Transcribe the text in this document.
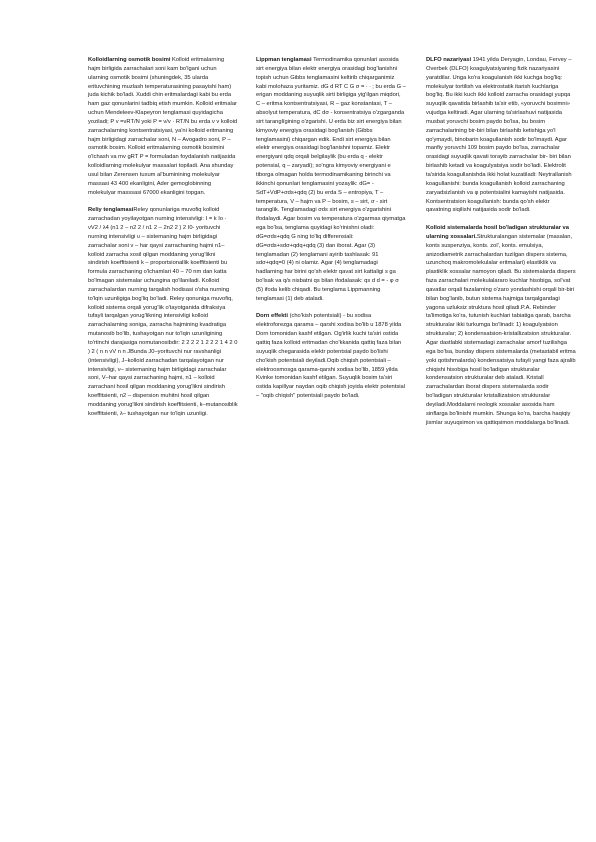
Kolloidlarning osmotik bosimi Kolloid eritmalarning hajm birligida zarrachalari soni kam bo'lgani uchun ularning osmotik bosimi (shuningdek, 35 ularda erituvchining muzlash temperaturasining pasayishi ham) juda kichik bo'ladi. Xuddi chin eritmalardagi kabi bu erda ham gaz qonunlarini tadbiq etish mumkin. Kolloid eritmalar uchun Mendeleev-Klapeyron tenglamasi quyidagicha yoziladi; P v =νRT/N yoki P = ν/v · RT/N bu erda ν v kolloid zarrachalarning kontsentratsiyasi, ya'ni kolloid eritmaning hajm birligidagi zarrachalar soni, N – Avogadro soni, P – osmotik bosim. Kolloid eritmalarning osmotik bosimini o'lchash va mv gRT P = formuladan foydalanish natijasida kolloidlarning molekulyar massalari topiladi. Ana shunday usul bilan Zerensen tuxum al'buminining molekulyar massasi 43 400 ekanligini, Ader gemoglobinning molekulyar masssasi 67000 ekanligini topgan.

Reliy tenglamasiReley qonunlariga muvofiq kolloid zarrachadan yoyilayotgan nurning intensivligi: I = k Io · νV2 / λ4 (n1 2 – n2 2 / n1 2 – 2n2 2 ) 2 I0- yorituvchi nurning intensivligi υ – sistemaning hajm birligidagi zarrachalar soni ν – har qaysi zarrachaning hajmi n1–kolloid zarracha xosil qilgan moddaning yorug'likni sindirish koeffitsienti k – proportsionallik koeffitsienti bu formula zarrachaning o'lchamlari 40 – 70 nm dan katta bo'lmagan sistemalar uchungina qo'llaniladi. Kolloid zarrachalardan nurning tarqalish hodisasi o'sha nurning to'lqin uzunligiga bog'liq bo'ladi. Reley qonuniga muvofiq, kolloid sistema orqali yorug'lik o'tayotganida difraksiya tufayli tarqalgan yorug'likning intensivligi kolloid zarrachalarning soniga, zarracha hajmining kvadratiga mutanosib bo'lib, tushayotgan nur to'lqin uzunligining to'rtinchi darajasiga nomutanosibdir: 2 2 2 2 1 2 2 2 1 4 2 0 ) 2 ( n n νV n n JBunda J0–yorituvchi nur ravshanligi (intensivligi), J–kolloid zarrachadan tarqalayotgan nur intensivligi, ν– sistemaning hajm birligidagi zarrachalar soni, V–har qaysi zarrachaning hajmi, n1 – kolloid zarrachani hosil qilgan moddaning yorug'likni sindirish koeffitsienti, n2 – dispersion muhitni hosil qilgan moddaning yorug'likni sindirish koeffitsienti, k–mutanosiblik koeffitsienti, λ– tushayotgan nur to'lqin uzunligi.

Lippman tenglamasi Termodinamika qonunlari asosida sirt energiya bilan elektr energiya orasidagi bog'lanishni topish uchun Gibbs tenglamasini keltirib chiqarganimiz kabi molohaza yuritamiz. dG d RT C G σ = ∙ ∙ ; bu erda G – erigan moddaning suyuqlik sirti birligiga yig'ilgan miqdori, C – eritma kontsentratsiyasi, R – gaz konstantasi, T – absolyut temperatura, dC dσ - konsentratsiya o'zgarganda sirt taranglígining o'zgarishi. U erda biz sirt energiya bilan kimyoviy energiya orasidagi bog'lanish (Gibbs tenglamasini) chiqargan edik. Endi sirt energiya bilan elektr energiya orasidagi bog'lanishni topamiz. Elektr energiyani qdq orqali belgilaylik (bu erda q - elektr potensial, q – zaryadi); so'ngra kimyoviy energiyani e tiborga olmagan holda termodinamikaning birinchi va ikkinchi qonunlari tenglamasini yozaylik: dG= -SdT+VdP+σds+qdq (2) bu erda S – entropiya, T – temperatura, V – hajm va P – bosim, s – sirt, σ - sirt taranglik. Tenglamadagi σds sirt energiya o'zgarishini ifodalaydi. Agar bosim va temperatura o'zgarmas qiymatga ega bo'lsa, tenglama quyidagi ko'rinishni oladi: dG=σds+qdq G ning to'liq differensiali: dG=σds+sdσ+qdq+qdq (3) dan iborat. Agar (3) tenglamadan (2) tenglamani ayirib tashlasak: 91 sdσ+qdq=0 (4) ni olamiz. Agar (4) tenglamadagi hadlarning har birini qo'sh elektr qavat sirt kattaligi s ga bo'lsak va q/s nisbatni qs bilan ifodalasak: qs d d = - φ σ (5) ifoda kelib chiqadi. Bu tenglama Lippmanning tenglamasi (1) deb ataladi.

Dorn effekti (cho'kish potentsiali) - bu xodisa elektroforezga qarama – qarshi xodisa bo'lib u 1878 yilda Dorn tomonidan kashf etilgan. Og'irlik kuchi ta'siri ostida qattiq faza kolloid eritmadan cho'kkanida qattiq faza bilan suyuqlik chegarasida elektr potentsial paydo bo'lishi cho'kish potentsiali deyiladi.Oqib chiqish potentsiali – elektroosmosga qarama-qarshi xodisa bo'lib, 1859 yilda Kvinke tomonidan kashf etilgan. Suyuqlik bosim ta'siri ostida kapillyar naydan oqib chiqish joyida elektr potentsial – "oqib chiqish" potentsiali paydo bo'ladi.

DLFO nazariyasi 1941 yilda Deryagin, Londau, Fervey – Overbek (DLFO) koagulyatsiyaning fizik nazariyasini yaratdilar. Unga ko'ra koagulanish ikki kuchga bog'liq: molekulyar tortilish va elektrostatik itarish kuchlariga bog'liq. Bu ikki kuch ikki kolloid zarracha orasidagi yupqa suyuqlik qavatida birlashib ta'sir etib, «yoruvchi bosimni» vujudga keltiradi. Agar ularning ta'sirlashuvi natijasida musbat yoruvchi bosim paydo bo'lsa, bu bosim zarrachalarining bir-biri bilan birlashib ketishiga yo'l qo'ymaydi, binobarin koagullanish sodir bo'lmaydi. Agar manfiy yoruvchi 109 bosim paydo bo'lsa, zarrachalar orasidagi suyuqlik qavati torayib zarrachalar bir- biri bilan birlashib ketadi va koagulyatsiya sodir bo'ladi. Elektrolit ta'sirida koagullanishda ikki holat kuzatiladi: Neytrallanish koagullanishi: bunda koagullanish kolloid zarrachaning zaryadsizlanish va φ potentsialini kamayishi natijasida. Kontsentratsion koagullanish: bunda qo'sh elektr qavatning siqilishi natijasida sodir bo'ladi.

Kolloid sistemalarda hosil bo'ladigan strukturalar va ularning xossalari.Strukturalangan sistemalar (masalan, konts suspenziya, konts. zol', konts. emulsiya, anizodiametrik zarrachalardan tuzilgan dispers sistema, uzunchoq makromolekulalar eritmalari) elastiklik va plastiklik xossalar namoyon qiladi. Bu sistemalarda dispers faza zarrachalari molekulalararo kuchlar hisobiga, sol'vat qavatlar orqali fazalarning o'zaro yondashishi orqali bir-biri bilan bog'lanib, butun sistema hajmiga tarqalgandagi yagona uzluksiz struktura hosil qiladi.P.A. Rebinder ta'limotiga ko'ra, tutunish kuchlari tabiatiga qarab, barcha strukturalar ikki turkumga bo'linadi: 1) koagulyatsion strukturalar; 2) kondensatsion-kristallizatsion strukturalar. Agar dastlabki sistemadagi zarrachalar amorf tuzilishga ega bo'lsa, bunday dispers sistemalarda (metastabil eritma yoki qotishmalarda) kondensatsiya tufayli yangi faza ajralib chiqishi hisobiga hosil bo'ladigan strukturalar kondensatsion strukturalar deb ataladi. Kristall zarrachalardan iborat dispers sistemalarda sodir bo'ladigan strukturalar kristallizatsion strukturalar deyiladi.Moddalarni reologik xossalar asosida ham sinflarga bo'linishi mumkin. Shunga ko'ra, barcha haqiqiy jismlar suyuqsimon va qattiqsimon moddalarga bo'linadi.
